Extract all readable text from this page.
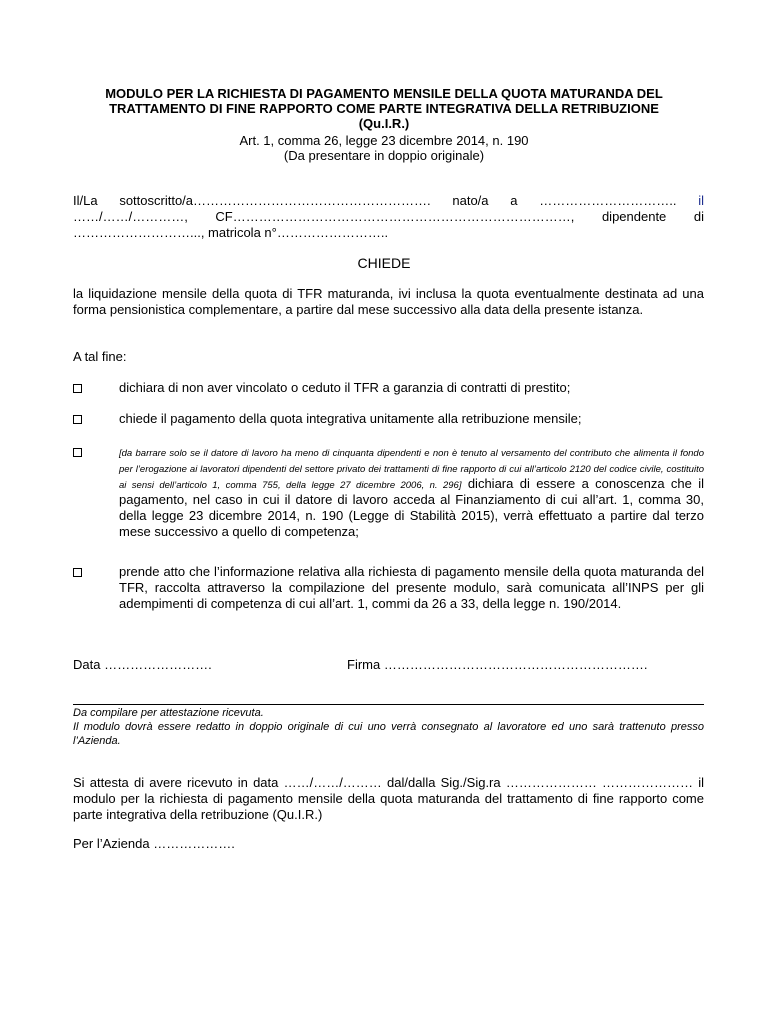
MODULO PER LA RICHIESTA DI PAGAMENTO MENSILE DELLA QUOTA MATURANDA DEL
TRATTAMENTO DI FINE RAPPORTO COME PARTE INTEGRATIVA DELLA RETRIBUZIONE
(Qu.I.R.)
Art. 1, comma 26, legge 23 dicembre 2014, n. 190
(Da presentare in doppio originale)
Il/La sottoscritto/a………………………………………………. nato/a a ………………………….. il
……/……/…………, CF……………………………………………………………………, dipendente di
………………………..., matricola n°……………………..
CHIEDE
la liquidazione mensile della quota di TFR maturanda, ivi inclusa la quota eventualmente destinata ad una forma pensionistica complementare, a partire dal mese successivo alla data della presente istanza.
A tal fine:
dichiara di non aver vincolato o ceduto il TFR a garanzia di contratti di prestito;
chiede il pagamento della quota integrativa unitamente alla retribuzione mensile;
[da barrare solo se il datore di lavoro ha meno di cinquanta dipendenti e non è tenuto al versamento del contributo che alimenta il fondo per l’erogazione ai lavoratori dipendenti del settore privato dei trattamenti di fine rapporto di cui all’articolo 2120 del codice civile, costituito ai sensi dell’articolo 1, comma 755, della legge 27 dicembre 2006, n. 296] dichiara di essere a conoscenza che il pagamento, nel caso in cui il datore di lavoro acceda al Finanziamento di cui all’art. 1, comma 30, della legge 23 dicembre 2014, n. 190 (Legge di Stabilità 2015), verrà effettuato a partire dal terzo mese successivo a quello di competenza;
prende atto che l’informazione relativa alla richiesta di pagamento mensile della quota maturanda del TFR, raccolta attraverso la compilazione del presente modulo, sarà comunicata all’INPS per gli adempimenti di competenza di cui all’art. 1, commi da 26 a 33, della legge n. 190/2014.
Data …………………….	Firma …………………………………………………….
Da compilare per attestazione ricevuta.
Il modulo dovrà essere redatto in doppio originale di cui uno verrà consegnato al lavoratore ed uno sarà trattenuto presso l’Azienda.
Si attesta di avere ricevuto in data ……/……/……… dal/dalla Sig./Sig.ra ………………… ………………… il modulo per la richiesta di pagamento mensile della quota maturanda del trattamento di fine rapporto come parte integrativa della retribuzione (Qu.I.R.)
Per l’Azienda ……………….
